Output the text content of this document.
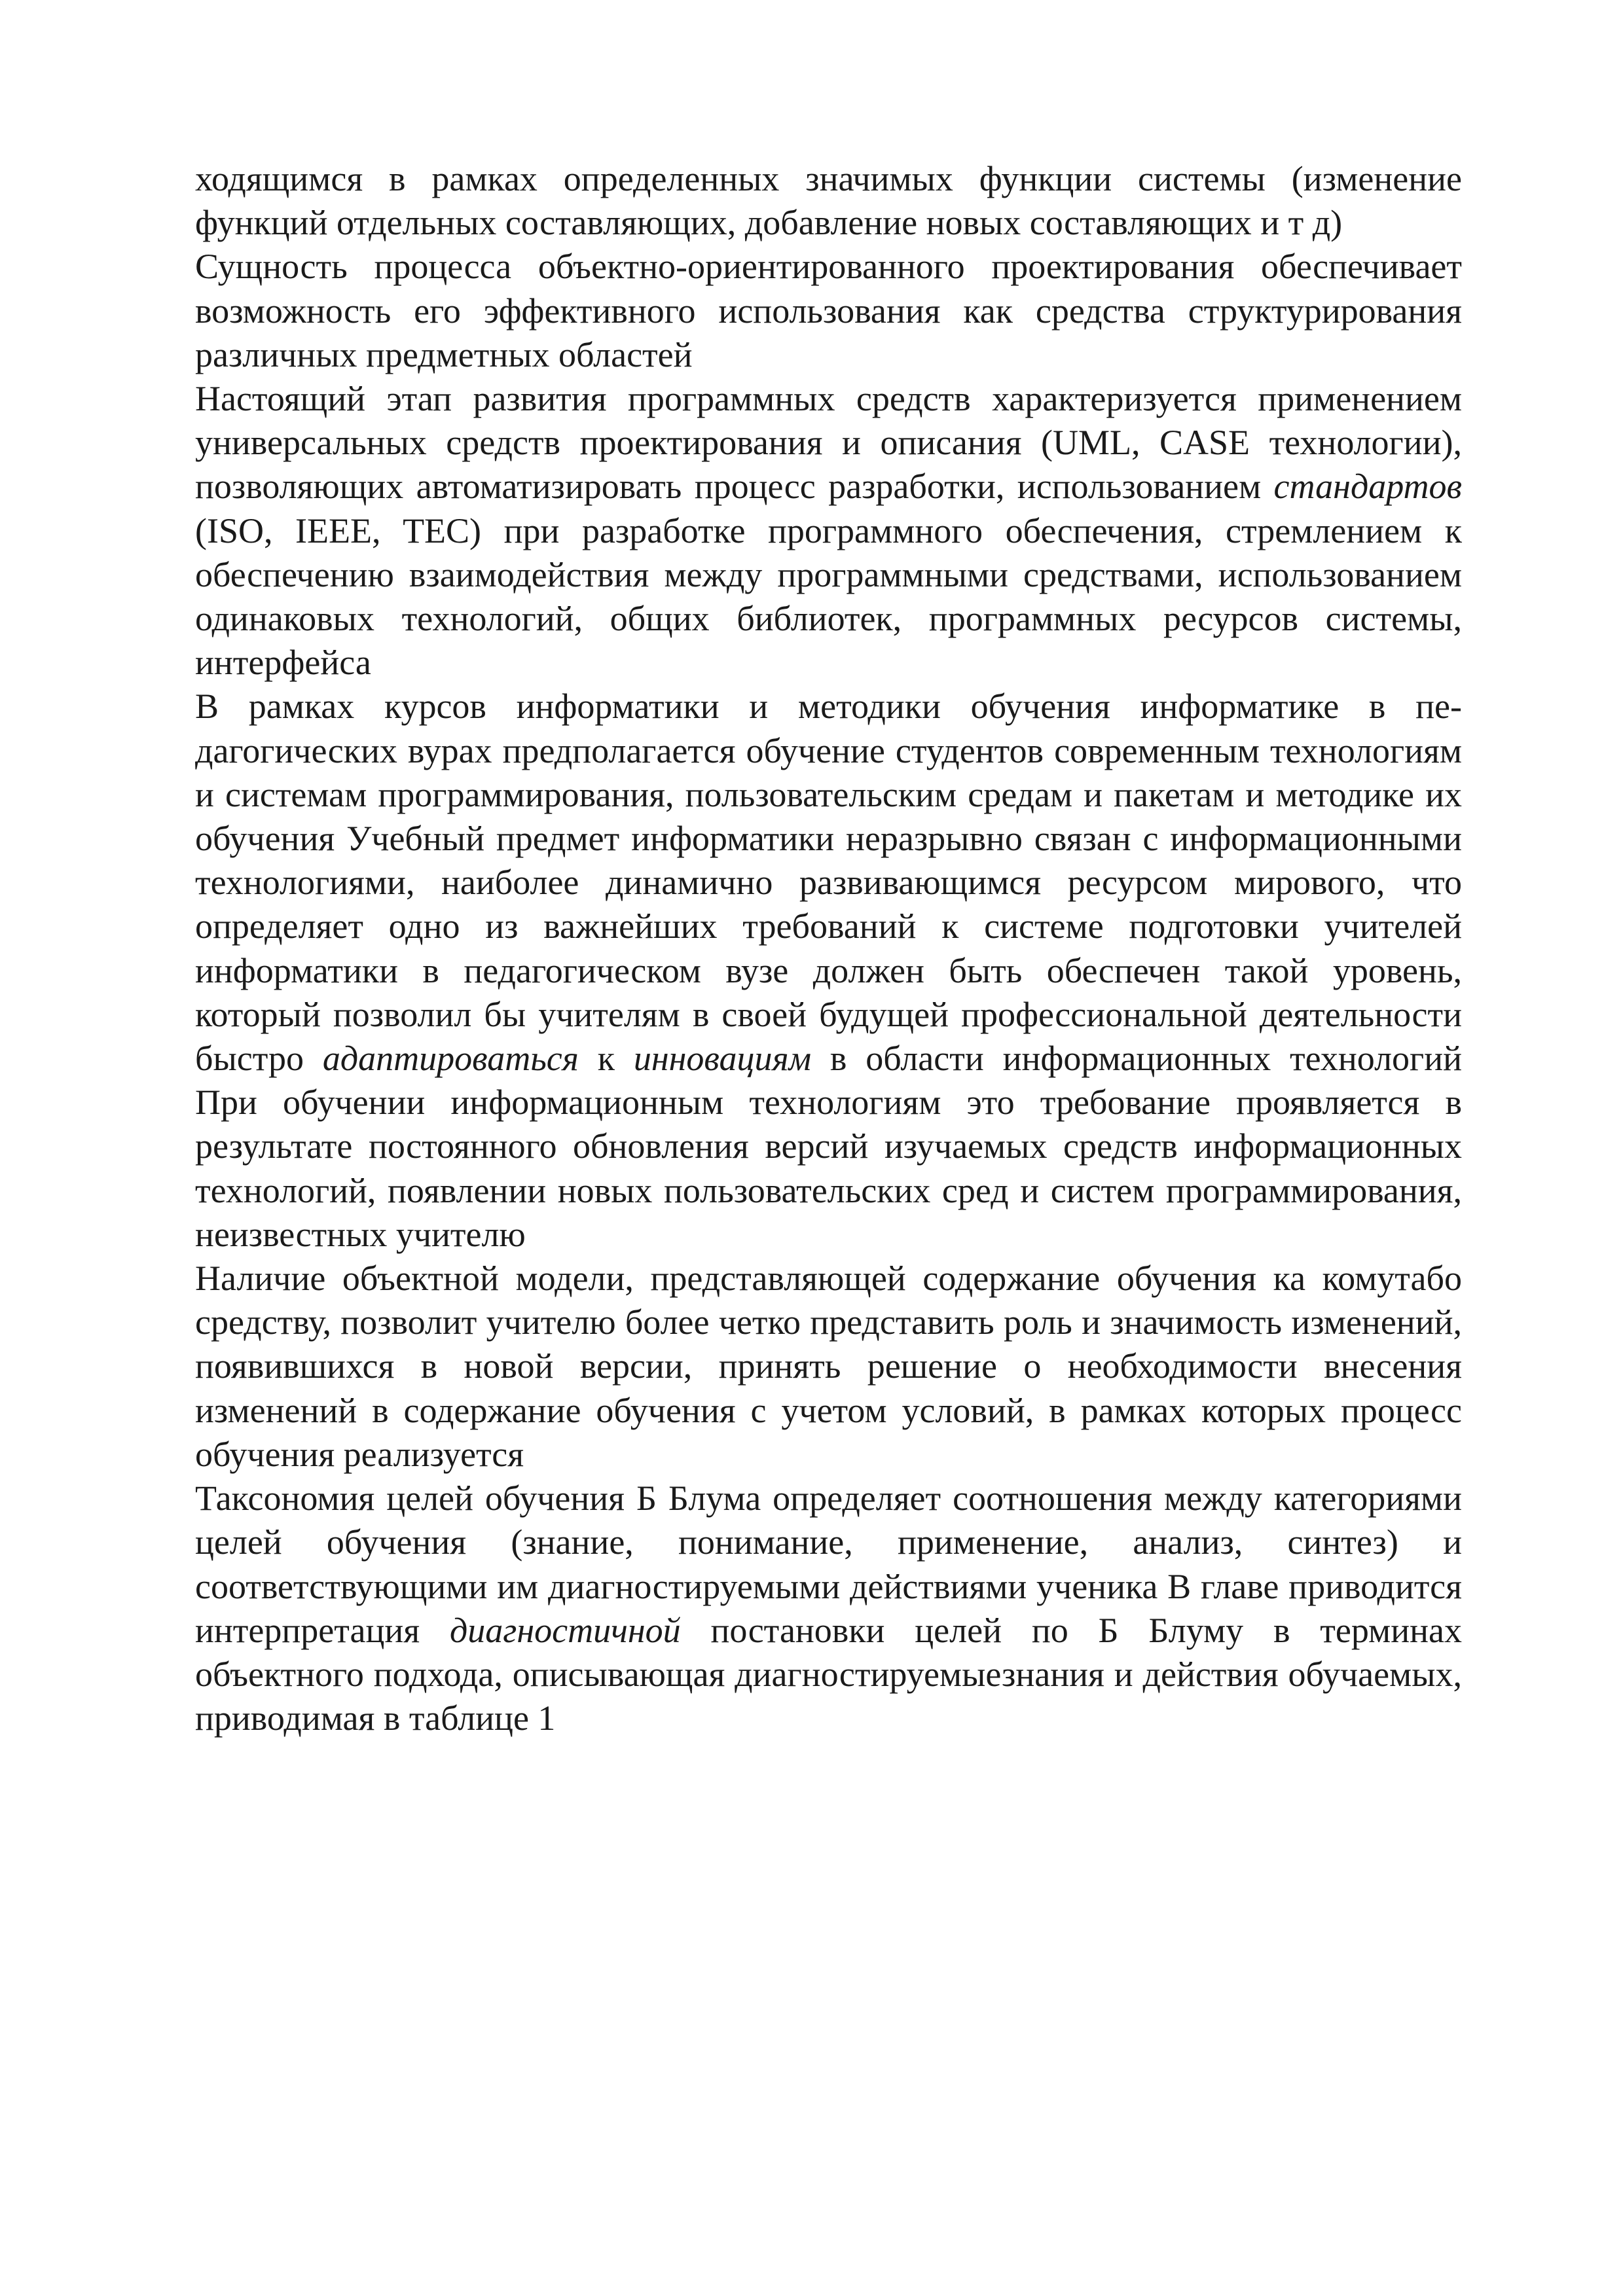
ходящимся в рамках определенных значимых функции системы (изменение функций отдельных составляющих, добавление новых составляющих и т д)

Сущность процесса объектно-ориентированного проектирования обеспечивает возможность его эффективного использования как средства структурирования различных предметных областей

Настоящий этап развития программных средств характеризуется применением универсальных средств проектирования и описания (UML, CASE технологии), позволяющих автоматизировать процесс разработки, использованием стандартов (ISO, IEEE, TEC) при разработке программного обеспечения, стремлением к обеспечению взаимодействия между программными средствами, использованием одинаковых технологий, общих библиотек, программных ресурсов системы, интерфейса

В рамках курсов информатики и методики обучения информатике в педагогических вурах предполагается обучение студентов современным технологиям и системам программирования, пользовательским средам и пакетам и методике их обучения Учебный предмет информатики неразрывно связан с информационными технологиями, наиболее динамично развивающимся ресурсом мирового, что определяет одно из важнейших требований к системе подготовки учителей информатики в педагогическом вузе должен быть обеспечен такой уровень, который позволил бы учителям в своей будущей профессиональной деятельности быстро адаптироваться к инновациям в области информационных технологий При обучении информационным технологиям это требование проявляется в результате постоянного обновления версий изучаемых средств информационных технологий, появлении новых пользовательских сред и систем программирования, неизвестных учителю

Наличие объектной модели, представляющей содержание обучения ка комутабо средству, позволит учителю более четко представить роль и значимость изменений, появившихся в новой версии, принять решение о необходимости внесения изменений в содержание обучения с учетом условий, в рамках которых процесс обучения реализуется

Таксономия целей обучения Б Блума определяет соотношения между категориями целей обучения (знание, понимание, применение, анализ, синтез) и соответствующими им диагностируемыми действиями ученика В главе приводится интерпретация диагностичной постановки целей по Б Блуму в терминах объектного подхода, описывающая диагностируемыезнания и действия обучаемых, приводимая в таблице 1
